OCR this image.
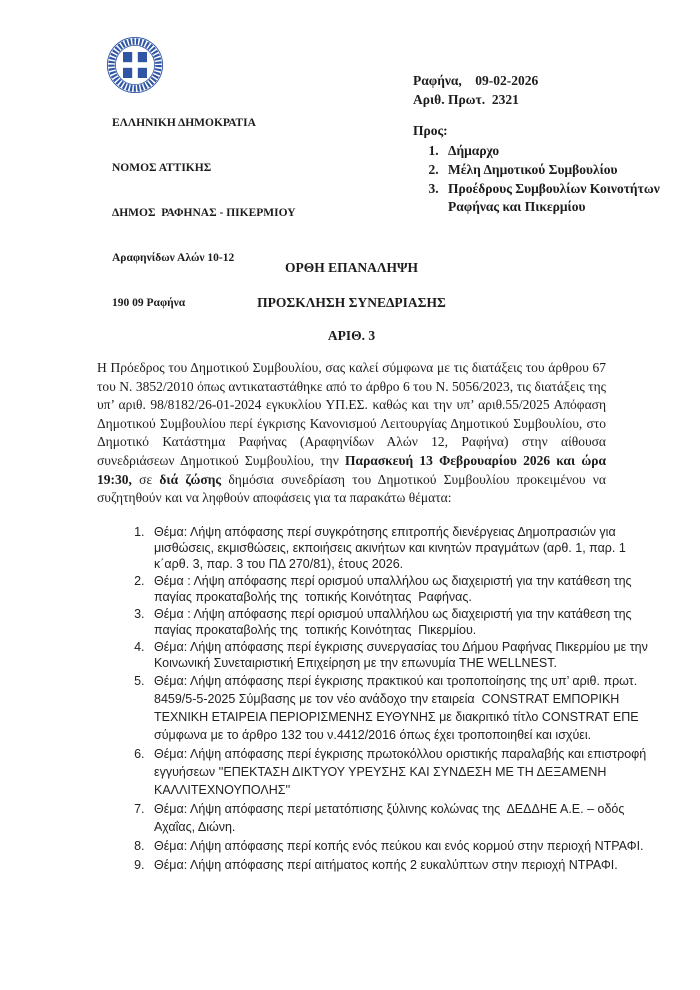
ΕΛΛΗΝΙΚΗ ΔΗΜΟΚΡΑΤΙΑ

ΝΟΜΟΣ ΑΤΤΙΚΗΣ

ΔΗΜΟΣ  ΡΑΦΗΝΑΣ - ΠΙΚΕΡΜΙΟΥ

Αραφηνίδων Αλών 10-12

190 09 Ραφήνα

Ραφήνα,    09-02-2026
Αριθ. Πρωτ.  2321
Προς:
1. Δήμαρχο
2. Μέλη Δημοτικού Συμβουλίου
3. Προέδρους Συμβουλίων Κοινοτήτων Ραφήνας και Πικερμίου
ΟΡΘΗ ΕΠΑΝΑΛΗΨΗ
ΠΡΟΣΚΛΗΣΗ ΣΥΝΕΔΡΙΑΣΗΣ
ΑΡΙΘ. 3

Η Πρόεδρος του Δημοτικού Συμβουλίου, σας καλεί σύμφωνα με τις διατάξεις του άρθρου 67 του Ν. 3852/2010 όπως αντικαταστάθηκε από το άρθρο 6 του Ν. 5056/2023, τις διατάξεις της υπ’ αριθ. 98/8182/26-01-2024 εγκυκλίου ΥΠ.ΕΣ. καθώς και την υπ’ αριθ.55/2025 Απόφαση Δημοτικού Συμβουλίου περί έγκρισης Κανονισμού Λειτουργίας Δημοτικού Συμβουλίου, στο Δημοτικό Κατάστημα Ραφήνας (Αραφηνίδων Αλών 12, Ραφήνα) στην αίθουσα συνεδριάσεων Δημοτικού Συμβουλίου, την Παρασκευή 13 Φεβρουαρίου 2026 και ώρα 19:30, σε διά ζώσης δημόσια συνεδρίαση του Δημοτικού Συμβουλίου προκειμένου να συζητηθούν και να ληφθούν αποφάσεις για τα παρακάτω θέματα:

1. Θέμα: Λήψη απόφασης περί συγκρότησης επιτροπής διενέργειας Δημοπρασιών για μισθώσεις, εκμισθώσεις, εκποιήσεις ακινήτων και κινητών πραγμάτων (αρθ. 1, παρ. 1 κ΄αρθ. 3, παρ. 3 του ΠΔ 270/81), έτους 2026.
2. Θέμα : Λήψη απόφασης περί ορισμού υπαλλήλου ως διαχειριστή για την κατάθεση της παγίας προκαταβολής της  τοπικής Κοινότητας  Ραφήνας.
3. Θέμα : Λήψη απόφασης περί ορισμού υπαλλήλου ως διαχειριστή για την κατάθεση της παγίας προκαταβολής της  τοπικής Κοινότητας  Πικερμίου.
4. Θέμα: Λήψη απόφασης περί έγκρισης συνεργασίας του Δήμου Ραφήνας Πικερμίου με την Κοινωνική Συνεταιριστική Επιχείρηση με την επωνυμία THE WELLNEST.
5. Θέμα: Λήψη απόφασης περί έγκρισης πρακτικού και τροποποίησης της υπ’ αριθ. πρωτ. 8459/5-5-2025 Σύμβασης με τον νέο ανάδοχο την εταιρεία  CONSTRAT ΕΜΠΟΡΙΚΗ ΤΕΧΝΙΚΗ ΕΤΑΙΡΕΙΑ ΠΕΡΙΟΡΙΣΜΕΝΗΣ ΕΥΘΥΝΗΣ με διακριτικό τίτλο CONSTRAT ΕΠΕ σύμφωνα με το άρθρο 132 του ν.4412/2016 όπως έχει τροποποιηθεί και ισχύει.
6. Θέμα: Λήψη απόφασης περί έγκρισης πρωτοκόλλου οριστικής παραλαβής και επιστροφή εγγυήσεων ''ΕΠΕΚΤΑΣΗ ΔΙΚΤΥΟΥ ΥΡΕΥΣΗΣ ΚΑΙ ΣΥΝΔΕΣΗ ΜΕ ΤΗ ΔΕΞΑΜΕΝΗ ΚΑΛΛΙΤΕΧΝΟΥΠΟΛΗΣ''
7. Θέμα: Λήψη απόφασης περί μετατόπισης ξύλινης κολώνας της  ΔΕΔΔΗΕ Α.Ε. – οδός Αχαΐας, Διώνη.
8. Θέμα: Λήψη απόφασης περί κοπής ενός πεύκου και ενός κορμού στην περιοχή ΝΤΡΑΦΙ.
9. Θέμα: Λήψη απόφασης περί αιτήματος κοπής 2 ευκαλύπτων στην περιοχή ΝΤΡΑΦΙ.
